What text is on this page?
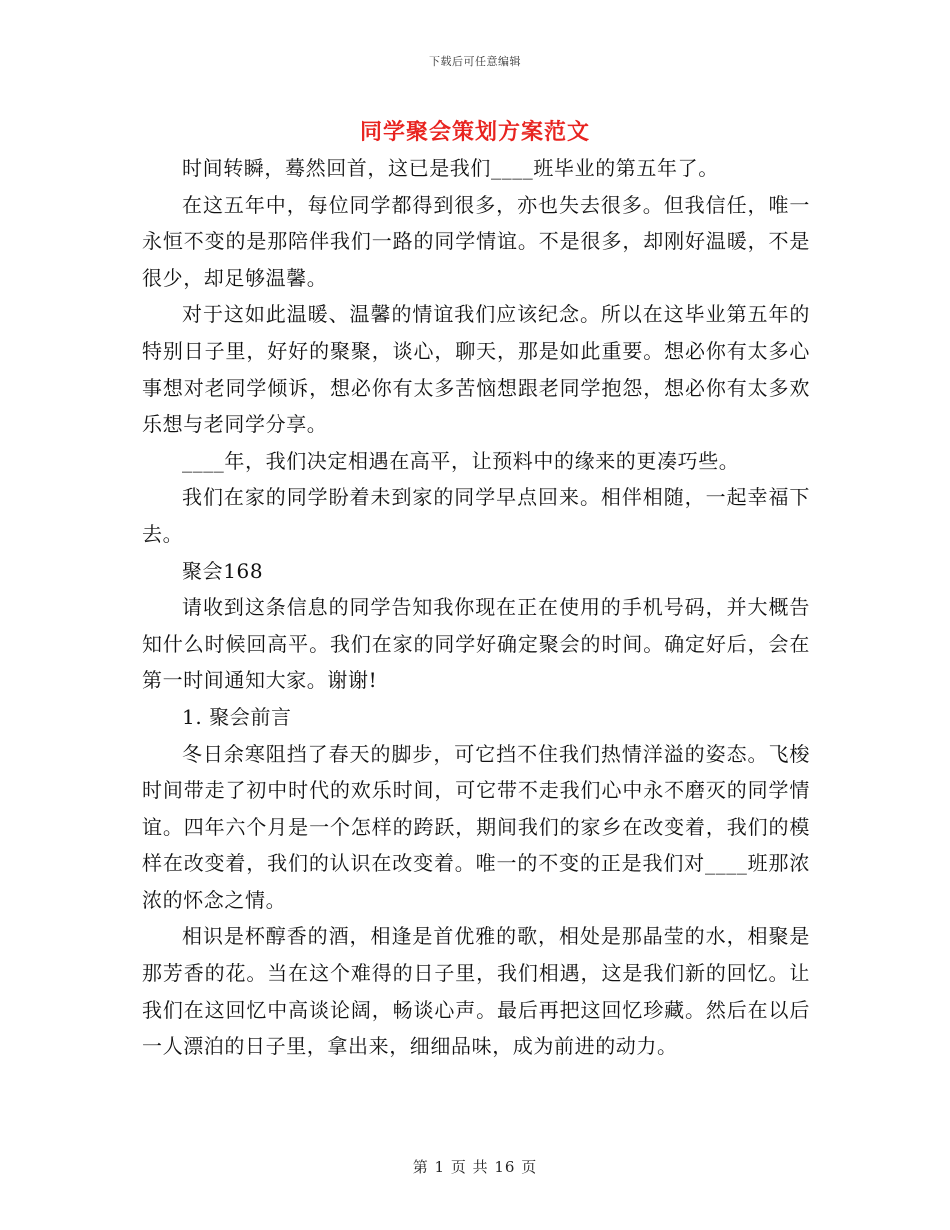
下载后可任意编辑
同学聚会策划方案范文

时间转瞬，蓦然回首，这已是我们____班毕业的第五年了。

在这五年中，每位同学都得到很多，亦也失去很多。但我信任，唯一永恒不变的是那陪伴我们一路的同学情谊。不是很多，却刚好温暖，不是很少，却足够温馨。

对于这如此温暖、温馨的情谊我们应该纪念。所以在这毕业第五年的特别日子里，好好的聚聚，谈心，聊天，那是如此重要。想必你有太多心事想对老同学倾诉，想必你有太多苦恼想跟老同学抱怨，想必你有太多欢乐想与老同学分享。

____年，我们决定相遇在高平，让预料中的缘来的更凑巧些。

我们在家的同学盼着未到家的同学早点回来。相伴相随，一起幸福下去。

聚会168

请收到这条信息的同学告知我你现在正在使用的手机号码，并大概告知什么时候回高平。我们在家的同学好确定聚会的时间。确定好后，会在第一时间通知大家。谢谢!

1. 聚会前言

冬日余寒阻挡了春天的脚步，可它挡不住我们热情洋溢的姿态。飞梭时间带走了初中时代的欢乐时间，可它带不走我们心中永不磨灭的同学情谊。四年六个月是一个怎样的跨跃，期间我们的家乡在改变着，我们的模样在改变着，我们的认识在改变着。唯一的不变的正是我们对____班那浓浓的怀念之情。

相识是杯醇香的酒，相逢是首优雅的歌，相处是那晶莹的水，相聚是那芳香的花。当在这个难得的日子里，我们相遇，这是我们新的回忆。让我们在这回忆中高谈论阔，畅谈心声。最后再把这回忆珍藏。然后在以后一人漂泊的日子里，拿出来，细细品味，成为前进的动力。

第 1 页 共 16 页
